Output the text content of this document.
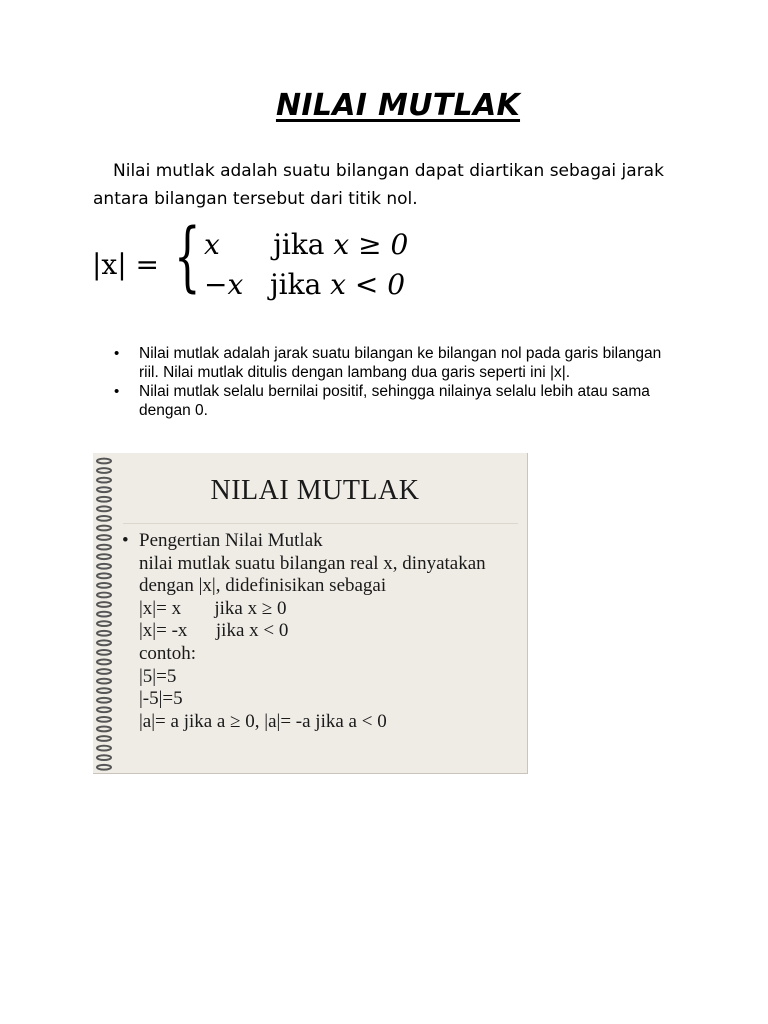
NILAI MUTLAK

Nilai mutlak adalah suatu bilangan dapat diartikan sebagai jarak antara bilangan tersebut dari titik nol.

|x| = { x jika x ≥ 0
−x jika x < 0
• Nilai mutlak adalah jarak suatu bilangan ke bilangan nol pada garis bilangan riil. Nilai mutlak ditulis dengan lambang dua garis seperti ini |x|.
• Nilai mutlak selalu bernilai positif, sehingga nilainya selalu lebih atau sama dengan 0.
NILAI MUTLAK
• Pengertian Nilai Mutlak
nilai mutlak suatu bilangan real x, dinyatakan
dengan |x|, didefinisikan sebagai
|x|= x       jika x ≥ 0
|x|= -x      jika x < 0
contoh:
|5|=5
|-5|=5
|a|= a jika a ≥ 0, |a|= -a jika a < 0
